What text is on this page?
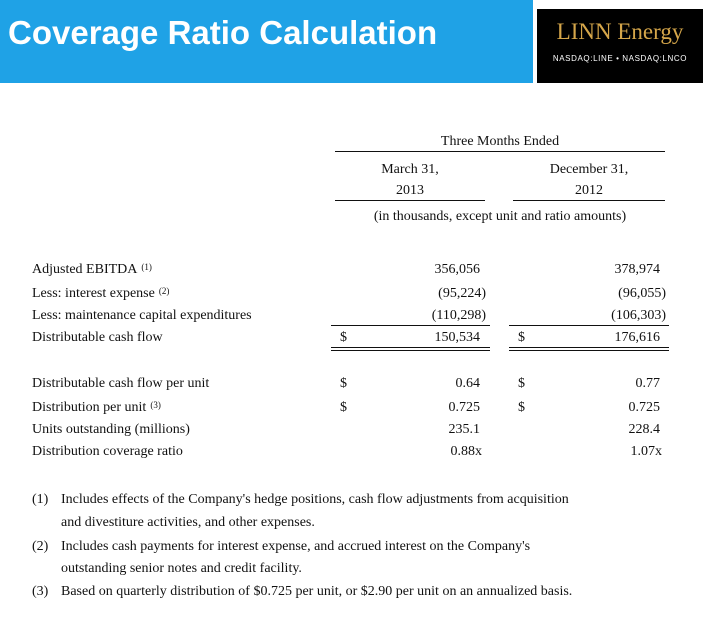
Coverage Ratio Calculation	LINN Energy
NASDAQ:LINE • NASDAQ:LNCO
Three Months Ended
March 31,
2013
December 31,
2012
(in thousands, except unit and ratio amounts)
Adjusted EBITDA $^{(1)}$	356,056	378,974
Less: interest expense $^{(2)}$	(95,224)	(96,055)
Less: maintenance capital expenditures	(110,298)	(106,303)
Distributable cash flow	$	150,534	$	176,616
Distributable cash flow per unit	$	0.64	$	0.77
Distribution per unit $^{(3)}$	$	0.725	$	0.725
Units outstanding (millions)	235.1	228.4
Distribution coverage ratio	0.88x	1.07x
(1) Includes effects of the Company's hedge positions, cash flow adjustments from acquisition
and divestiture activities, and other expenses.
(2) Includes cash payments for interest expense, and accrued interest on the Company's
outstanding senior notes and credit facility.
(3) Based on quarterly distribution of $0.725 per unit, or $2.90 per unit on an annualized basis.
